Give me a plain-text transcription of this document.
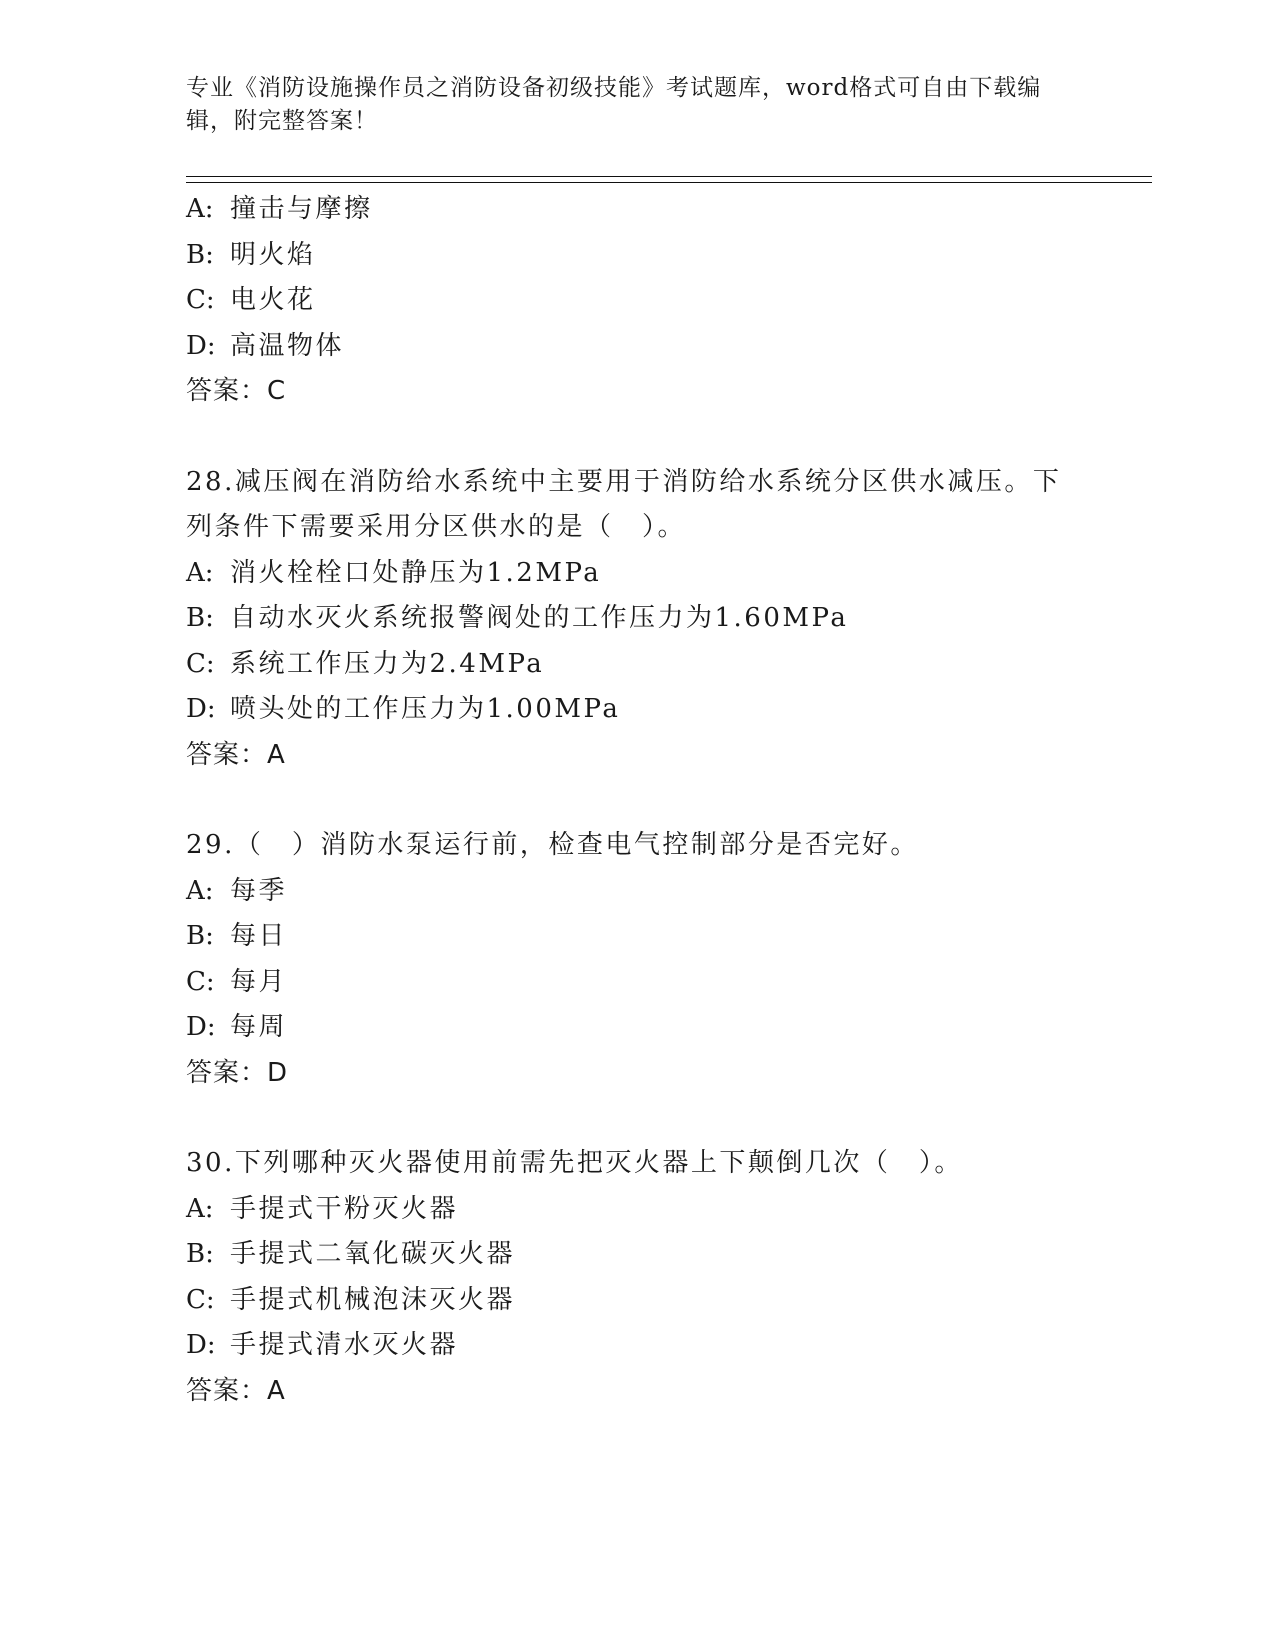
专业《消防设施操作员之消防设备初级技能》考试题库，word格式可自由下载编辑，附完整答案！
A: 撞击与摩擦
B: 明火焰
C: 电火花
D: 高温物体
答案：C
28.减压阀在消防给水系统中主要用于消防给水系统分区供水减压。下列条件下需要采用分区供水的是（　）。
A: 消火栓栓口处静压为1.2MPa
B: 自动水灭火系统报警阀处的工作压力为1.60MPa
C: 系统工作压力为2.4MPa
D: 喷头处的工作压力为1.00MPa
答案：A
29.（　）消防水泵运行前，检查电气控制部分是否完好。
A: 每季
B: 每日
C: 每月
D: 每周
答案：D
30.下列哪种灭火器使用前需先把灭火器上下颠倒几次（　）。
A: 手提式干粉灭火器
B: 手提式二氧化碳灭火器
C: 手提式机械泡沫灭火器
D: 手提式清水灭火器
答案：A
